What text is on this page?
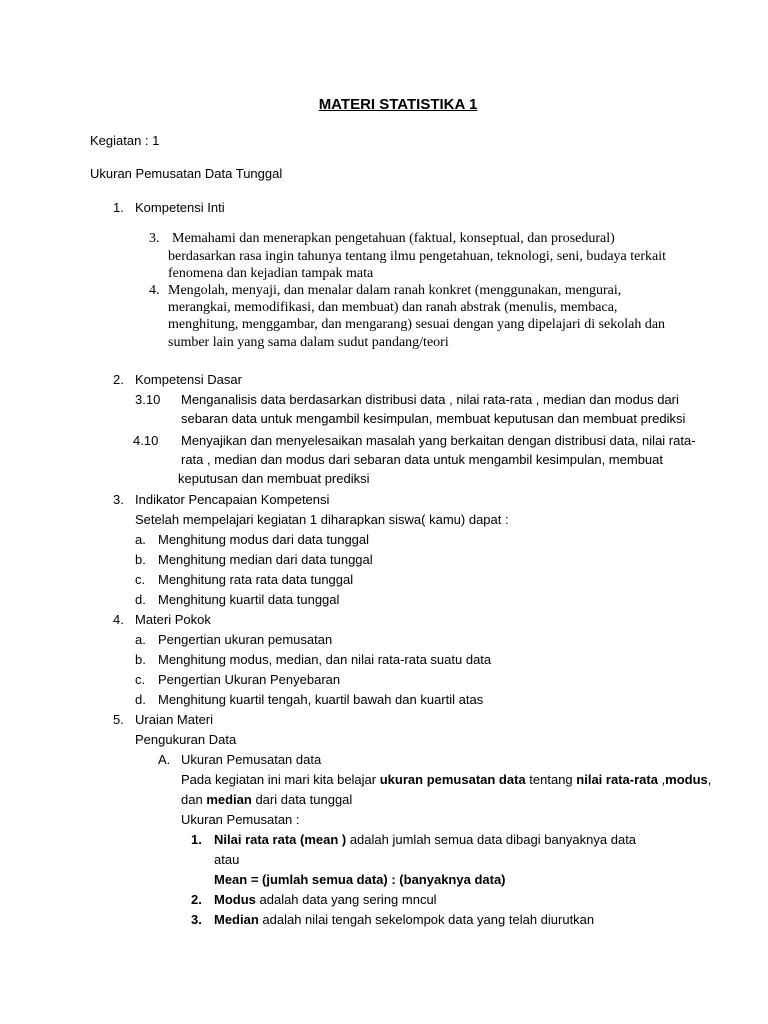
MATERI STATISTIKA 1
Kegiatan : 1
Ukuran Pemusatan Data Tunggal
1. Kompetensi Inti
3. Memahami dan menerapkan pengetahuan (faktual, konseptual, dan prosedural)
berdasarkan rasa ingin tahunya tentang ilmu pengetahuan, teknologi, seni, budaya terkait
fenomena dan kejadian tampak mata
4. Mengolah, menyaji, dan menalar dalam ranah konkret (menggunakan, mengurai,
merangkai, memodifikasi, dan membuat) dan ranah abstrak (menulis, membaca,
menghitung, menggambar, dan mengarang) sesuai dengan yang dipelajari di sekolah dan
sumber lain yang sama dalam sudut pandang/teori
2. Kompetensi Dasar
3.10 Menganalisis data berdasarkan distribusi data , nilai rata-rata , median dan modus dari
sebaran data untuk mengambil kesimpulan, membuat keputusan dan membuat prediksi
4.10 Menyajikan dan menyelesaikan masalah yang berkaitan dengan distribusi data, nilai rata-
rata , median dan modus dari sebaran data untuk mengambil kesimpulan, membuat
keputusan dan membuat prediksi
3. Indikator Pencapaian Kompetensi
Setelah mempelajari kegiatan 1 diharapkan siswa( kamu) dapat :
a. Menghitung modus dari data tunggal
b. Menghitung median dari data tunggal
c. Menghitung rata rata data tunggal
d. Menghitung kuartil data tunggal
4. Materi Pokok
a. Pengertian ukuran pemusatan
b. Menghitung modus, median, dan nilai rata-rata suatu data
c. Pengertian Ukuran Penyebaran
d. Menghitung kuartil tengah, kuartil bawah dan kuartil atas
5. Uraian Materi
Pengukuran Data
A. Ukuran Pemusatan data
Pada kegiatan ini mari kita belajar ukuran pemusatan data tentang nilai rata-rata ,modus,
dan median dari data tunggal
Ukuran Pemusatan :
1. Nilai rata rata (mean ) adalah jumlah semua data dibagi banyaknya data
atau
Mean = (jumlah semua data) : (banyaknya data)
2. Modus adalah data yang sering mncul
3. Median adalah nilai tengah sekelompok data yang telah diurutkan
